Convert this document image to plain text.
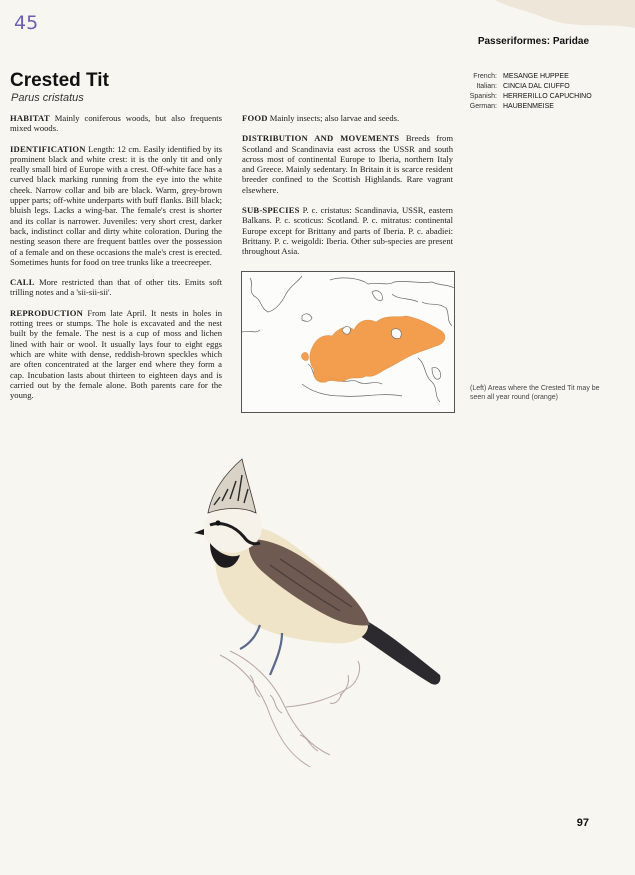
45
Passeriformes: Paridae
Crested Tit
Parus cristatus
French: MESANGE HUPPEE
Italian: CINCIA DAL CIUFFO
Spanish: HERRERILLO CAPUCHINO
German: HAUBENMEISE

HABITAT Mainly coniferous woods, but also frequents mixed woods.

IDENTIFICATION Length: 12 cm. Easily identified by its prominent black and white crest: it is the only tit and only really small bird of Europe with a crest. Off-white face has a curved black marking running from the eye into the white cheek. Narrow collar and bib are black. Warm, grey-brown upper parts; off-white underparts with buff flanks. Bill black; bluish legs. Lacks a wing-bar. The female's crest is shorter and its collar is narrower. Juveniles: very short crest, darker back, indistinct collar and dirty white coloration. During the nesting season there are frequent battles over the possession of a female and on these occasions the male's crest is erected. Sometimes hunts for food on tree trunks like a treecreeper.

CALL More restricted than that of other tits. Emits soft trilling notes and a 'sii-sii-sii'.

REPRODUCTION From late April. It nests in holes in rotting trees or stumps. The hole is excavated and the nest built by the female. The nest is a cup of moss and lichen lined with hair or wool. It usually lays four to eight eggs which are white with dense, reddish-brown speckles which are often concentrated at the larger end where they form a cap. Incubation lasts about thirteen to eighteen days and is carried out by the female alone. Both parents care for the young.

FOOD Mainly insects; also larvae and seeds.

DISTRIBUTION AND MOVEMENTS Breeds from Scotland and Scandinavia east across the USSR and south across most of continental Europe to Iberia, northern Italy and Greece. Mainly sedentary. In Britain it is scarce resident breeder confined to the Scottish Highlands. Rare vagrant elsewhere.

SUB-SPECIES P. c. cristatus: Scandinavia, USSR, eastern Balkans. P. c. scoticus: Scotland. P. c. mitratus: continental Europe except for Brittany and parts of Iberia. P. c. abadiei: Brittany. P. c. weigoldi: Iberia. Other sub-species are present throughout Asia.

(Left) Areas where the Crested Tit may be seen all year round (orange)
97
